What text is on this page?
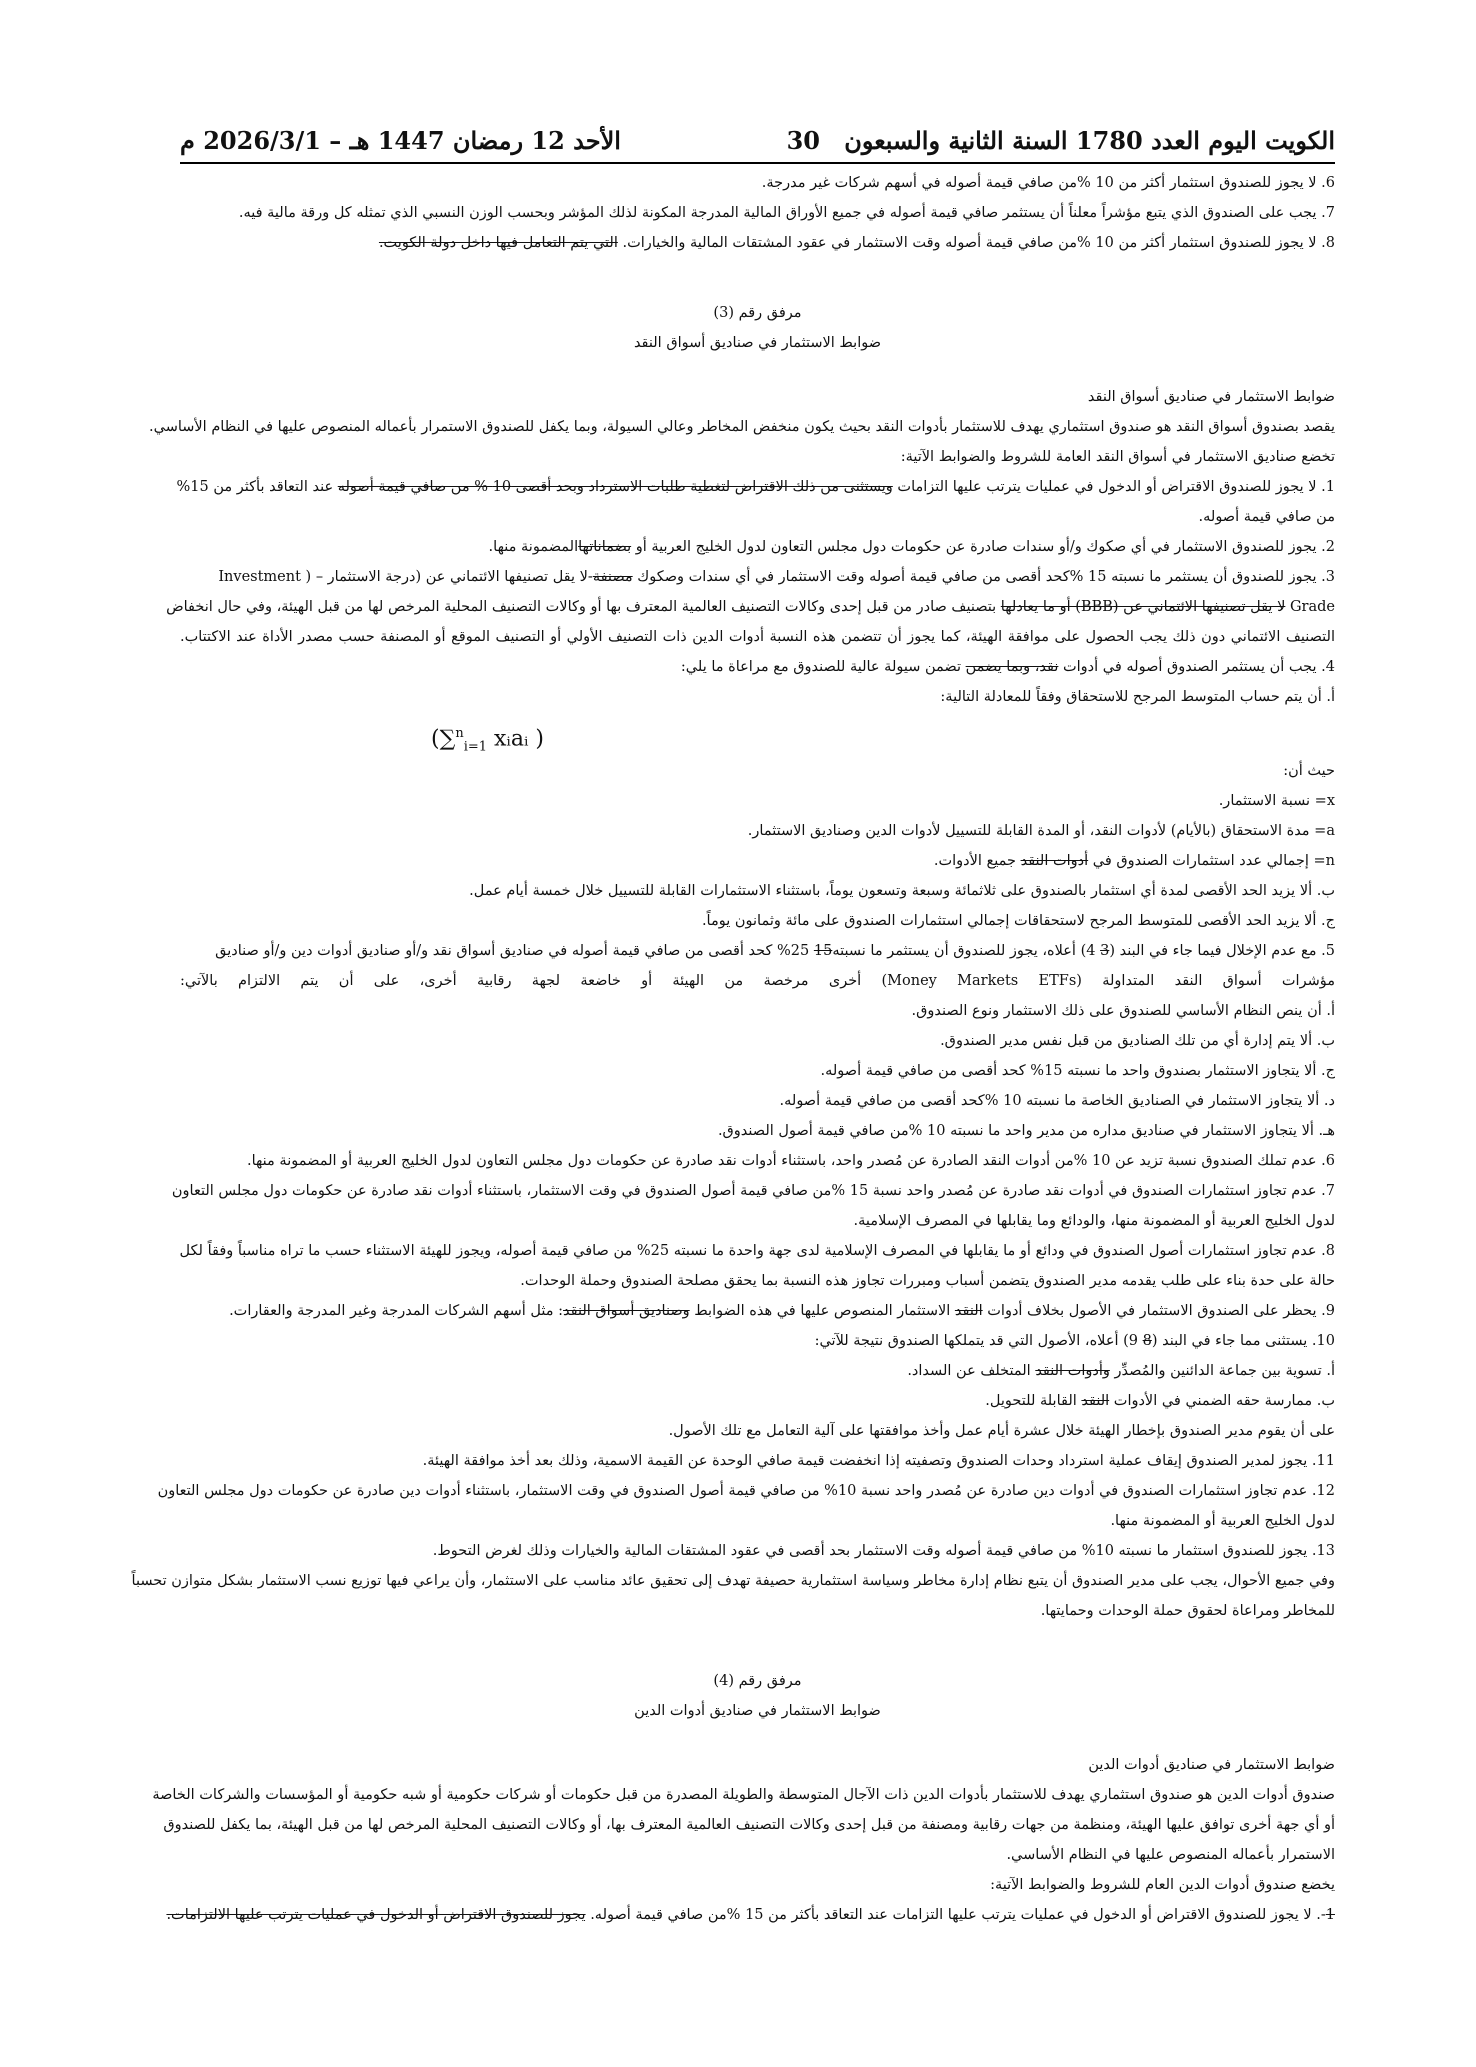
الكويت اليوم العدد 1780 السنة الثانية والسبعون
30
الأحد 12 رمضان 1447 هـ – 2026/3/1 م
6. لا يجوز للصندوق استثمار أكثر من 10 %من صافي قيمة أصوله في أسهم شركات غير مدرجة.
7. يجب على الصندوق الذي يتبع مؤشراً معلناً أن يستثمر صافي قيمة أصوله في جميع الأوراق المالية المدرجة المكونة لذلك المؤشر وبحسب الوزن النسبي الذي تمثله كل ورقة مالية فيه.
8. لا يجوز للصندوق استثمار أكثر من 10 %من صافي قيمة أصوله وقت الاستثمار في عقود المشتقات المالية والخيارات. التي يتم التعامل فيها داخل دولة الكويت.
مرفق رقم (3)
ضوابط الاستثمار في صناديق أسواق النقد
ضوابط الاستثمار في صناديق أسواق النقد
يقصد بصندوق أسواق النقد هو صندوق استثماري يهدف للاستثمار بأدوات النقد بحيث يكون منخفض المخاطر وعالي السيولة، وبما يكفل للصندوق الاستمرار بأعماله المنصوص عليها في النظام الأساسي.
تخضع صناديق الاستثمار في أسواق النقد العامة للشروط والضوابط الآتية:
1. لا يجوز للصندوق الاقتراض أو الدخول في عمليات يترتب عليها التزامات ويستثنى من ذلك الاقتراض لتغطية طلبات الاسترداد وبحد أقصى 10 % من صافي قيمة أصوله عند التعاقد بأكثر من 15%
من صافي قيمة أصوله.
2. يجوز للصندوق الاستثمار في أي صكوك و/أو سندات صادرة عن حكومات دول مجلس التعاون لدول الخليج العربية أو بضماناتهاالمضمونة منها.
3. يجوز للصندوق أن يستثمر ما نسبته 15 %كحد أقصى من صافي قيمة أصوله وقت الاستثمار في أي سندات وصكوك مصنفة-لا يقل تصنيفها الائتماني عن (درجة الاستثمار – ( Investment
Grade لا يقل تصنيفها الائتماني عن (BBB) أو ما يعادلها بتصنيف صادر من قبل إحدى وكالات التصنيف العالمية المعترف بها أو وكالات التصنيف المحلية المرخص لها من قبل الهيئة، وفي حال انخفاض
التصنيف الائتماني دون ذلك يجب الحصول على موافقة الهيئة، كما يجوز أن تتضمن هذه النسبة أدوات الدين ذات التصنيف الأولي أو التصنيف الموقع أو المصنفة حسب مصدر الأداة عند الاكتتاب.
4. يجب أن يستثمر الصندوق أصوله في أدوات نقد، وبما يضمن تضمن سيولة عالية للصندوق مع مراعاة ما يلي:
أ. أن يتم حساب المتوسط المرجح للاستحقاق وفقاً للمعادلة التالية:
(∑$^n_{i=1}$ xᵢaᵢ )
حيث أن:
x= نسبة الاستثمار.
a= مدة الاستحقاق (بالأيام) لأدوات النقد، أو المدة القابلة للتسييل لأدوات الدين وصناديق الاستثمار.
n= إجمالي عدد استثمارات الصندوق في أدوات النقد جميع الأدوات.
ب. ألا يزيد الحد الأقصى لمدة أي استثمار بالصندوق على ثلاثمائة وسبعة وتسعون يوماً، باستثناء الاستثمارات القابلة للتسييل خلال خمسة أيام عمل.
ج. ألا يزيد الحد الأقصى للمتوسط المرجح لاستحقاقات إجمالي استثمارات الصندوق على مائة وثمانون يوماً.
5. مع عدم الإخلال فيما جاء في البند (3 4) أعلاه، يجوز للصندوق أن يستثمر ما نسبته15 25% كحد أقصى من صافي قيمة أصوله في صناديق أسواق نقد و/أو صناديق أدوات دين و/أو صناديق
مؤشرات أسواق النقد المتداولة (Money Markets ETFs) أخرى مرخصة من الهيئة أو خاضعة لجهة رقابية أخرى، على أن يتم الالتزام بالآتي:
أ. أن ينص النظام الأساسي للصندوق على ذلك الاستثمار ونوع الصندوق.
ب. ألا يتم إدارة أي من تلك الصناديق من قبل نفس مدير الصندوق.
ج. ألا يتجاوز الاستثمار بصندوق واحد ما نسبته 15% كحد أقصى من صافي قيمة أصوله.
د. ألا يتجاوز الاستثمار في الصناديق الخاصة ما نسبته 10 %كحد أقصى من صافي قيمة أصوله.
هـ. ألا يتجاوز الاستثمار في صناديق مداره من مدير واحد ما نسبته 10 %من صافي قيمة أصول الصندوق.
6. عدم تملك الصندوق نسبة تزيد عن 10 %من أدوات النقد الصادرة عن مُصدر واحد، باستثناء أدوات نقد صادرة عن حكومات دول مجلس التعاون لدول الخليج العربية أو المضمونة منها.
7. عدم تجاوز استثمارات الصندوق في أدوات نقد صادرة عن مُصدر واحد نسبة 15 %من صافي قيمة أصول الصندوق في وقت الاستثمار، باستثناء أدوات نقد صادرة عن حكومات دول مجلس التعاون
لدول الخليج العربية أو المضمونة منها، والودائع وما يقابلها في المصرف الإسلامية.
8. عدم تجاوز استثمارات أصول الصندوق في ودائع أو ما يقابلها في المصرف الإسلامية لدى جهة واحدة ما نسبته 25% من صافي قيمة أصوله، ويجوز للهيئة الاستثناء حسب ما تراه مناسباً وفقاً لكل
حالة على حدة بناء على طلب يقدمه مدير الصندوق يتضمن أسباب ومبررات تجاوز هذه النسبة بما يحقق مصلحة الصندوق وحملة الوحدات.
9. يحظر على الصندوق الاستثمار في الأصول بخلاف أدوات النقد الاستثمار المنصوص عليها في هذه الضوابط وصناديق أسواق النقد: مثل أسهم الشركات المدرجة وغير المدرجة والعقارات.
10. يستثنى مما جاء في البند (8 9) أعلاه، الأصول التي قد يتملكها الصندوق نتيجة للآتي:
أ. تسوية بين جماعة الدائنين والمُصدِّر وأدوات النقد المتخلف عن السداد.
ب. ممارسة حقه الضمني في الأدوات النقد القابلة للتحويل.
على أن يقوم مدير الصندوق بإخطار الهيئة خلال عشرة أيام عمل وأخذ موافقتها على آلية التعامل مع تلك الأصول.
11. يجوز لمدير الصندوق إيقاف عملية استرداد وحدات الصندوق وتصفيته إذا انخفضت قيمة صافي الوحدة عن القيمة الاسمية، وذلك بعد أخذ موافقة الهيئة.
12. عدم تجاوز استثمارات الصندوق في أدوات دين صادرة عن مُصدر واحد نسبة 10% من صافي قيمة أصول الصندوق في وقت الاستثمار، باستثناء أدوات دين صادرة عن حكومات دول مجلس التعاون
لدول الخليج العربية أو المضمونة منها.
13. يجوز للصندوق استثمار ما نسبته 10% من صافي قيمة أصوله وقت الاستثمار بحد أقصى في عقود المشتقات المالية والخيارات وذلك لغرض التحوط.
وفي جميع الأحوال، يجب على مدير الصندوق أن يتبع نظام إدارة مخاطر وسياسة استثمارية حصيفة تهدف إلى تحقيق عائد مناسب على الاستثمار، وأن يراعي فيها توزيع نسب الاستثمار بشكل متوازن تحسباً
للمخاطر ومراعاة لحقوق حملة الوحدات وحمايتها.
مرفق رقم (4)
ضوابط الاستثمار في صناديق أدوات الدين
ضوابط الاستثمار في صناديق أدوات الدين
صندوق أدوات الدين هو صندوق استثماري يهدف للاستثمار بأدوات الدين ذات الآجال المتوسطة والطويلة المصدرة من قبل حكومات أو شركات حكومية أو شبه حكومية أو المؤسسات والشركات الخاصة
أو أي جهة أخرى توافق عليها الهيئة، ومنظمة من جهات رقابية ومصنفة من قبل إحدى وكالات التصنيف العالمية المعترف بها، أو وكالات التصنيف المحلية المرخص لها من قبل الهيئة، بما يكفل للصندوق
الاستمرار بأعماله المنصوص عليها في النظام الأساسي.
يخضع صندوق أدوات الدين العام للشروط والضوابط الآتية:
1-. لا يجوز للصندوق الاقتراض أو الدخول في عمليات يترتب عليها التزامات عند التعاقد بأكثر من 15 %من صافي قيمة أصوله. يجوز للصندوق الاقتراض أو الدخول في عمليات يترتب عليها الالتزامات.
